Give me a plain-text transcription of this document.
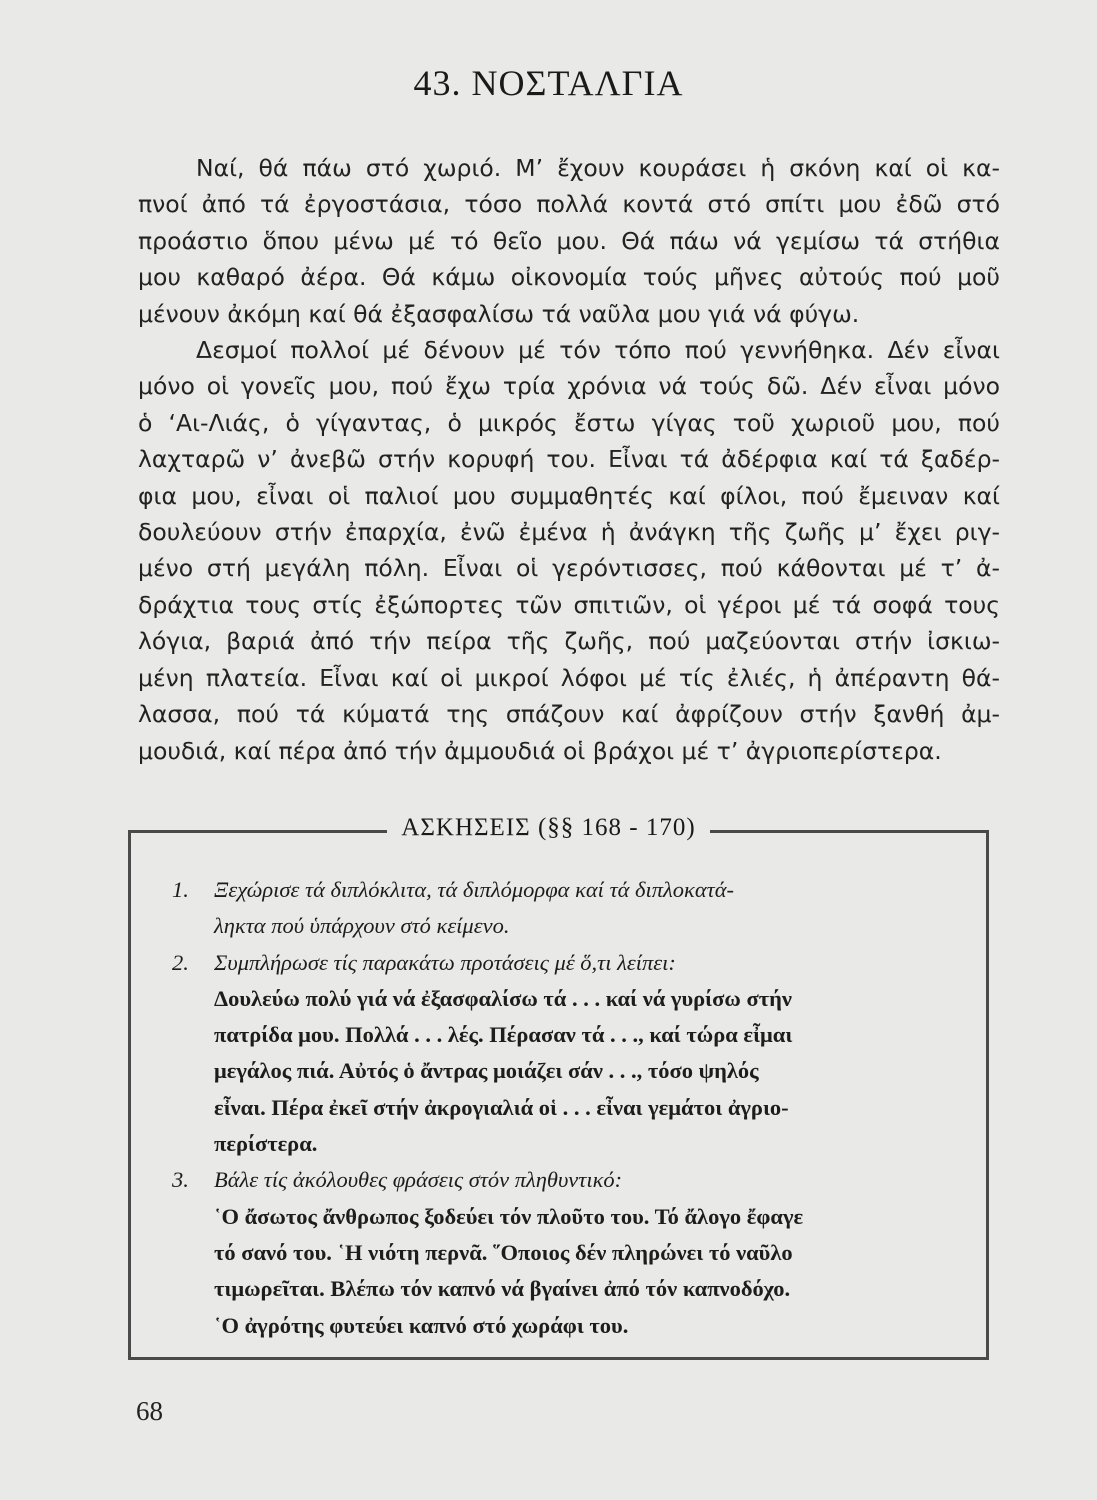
43. ΝΟΣΤΑΛΓΙΑ
Ναί, θά πάω στό χωριό. Μ’ ἔχουν κουράσει ἡ σκόνη καί οἱ κα-
πνοί ἀπό τά ἐργοστάσια, τόσο πολλά κοντά στό σπίτι μου ἐδῶ στό
προάστιο ὅπου μένω μέ τό θεῖο μου. Θά πάω νά γεμίσω τά στήθια
μου καθαρό ἀέρα. Θά κάμω οἰκονομία τούς μῆνες αὐτούς πού μοῦ
μένουν ἀκόμη καί θά ἐξασφαλίσω τά ναῦλα μου γιά νά φύγω.
Δεσμοί πολλοί μέ δένουν μέ τόν τόπο πού γεννήθηκα. Δέν εἶναι
μόνο οἱ γονεῖς μου, πού ἔχω τρία χρόνια νά τούς δῶ. Δέν εἶναι μόνο
ὁ ‘Αι-Λιάς, ὁ γίγαντας, ὁ μικρός ἔστω γίγας τοῦ χωριοῦ μου, πού
λαχταρῶ ν’ ἀνεβῶ στήν κορυφή του. Εἶναι τά ἀδέρφια καί τά ξαδέρ-
φια μου, εἶναι οἱ παλιοί μου συμμαθητές καί φίλοι, πού ἔμειναν καί
δουλεύουν στήν ἐπαρχία, ἐνῶ ἐμένα ἡ ἀνάγκη τῆς ζωῆς μ’ ἔχει ριγ-
μένο στή μεγάλη πόλη. Εἶναι οἱ γερόντισσες, πού κάθονται μέ τ’ ἀ-
δράχτια τους στίς ἐξώπορτες τῶν σπιτιῶν, οἱ γέροι μέ τά σοφά τους
λόγια, βαριά ἀπό τήν πείρα τῆς ζωῆς, πού μαζεύονται στήν ἰσκιω-
μένη πλατεία. Εἶναι καί οἱ μικροί λόφοι μέ τίς ἐλιές, ἡ ἀπέραντη θά-
λασσα, πού τά κύματά της σπάζουν καί ἀφρίζουν στήν ξανθή ἀμ-
μουδιά, καί πέρα ἀπό τήν ἀμμουδιά οἱ βράχοι μέ τ’ ἀγριοπερίστερα.
ΑΣΚΗΣΕΙΣ (§§ 168 - 170)
1. Ξεχώρισε τά διπλόκλιτα, τά διπλόμορφα καί τά διπλοκατά-
ληκτα πού ὑπάρχουν στό κείμενο.
2. Συμπλήρωσε τίς παρακάτω προτάσεις μέ ὅ,τι λείπει:
Δουλεύω πολύ γιά νά ἐξασφαλίσω τά . . . καί νά γυρίσω στήν
πατρίδα μου. Πολλά . . . λές. Πέρασαν τά . . ., καί τώρα εἶμαι
μεγάλος πιά. Αὐτός ὁ ἄντρας μοιάζει σάν . . ., τόσο ψηλός
εἶναι. Πέρα ἐκεῖ στήν ἀκρογιαλιά οἱ . . . εἶναι γεμάτοι ἀγριο-
περίστερα.
3. Βάλε τίς ἀκόλουθες φράσεις στόν πληθυντικό:
῾Ο ἄσωτος ἄνθρωπος ξοδεύει τόν πλοῦτο του. Τό ἄλογο ἔφαγε
τό σανό του. ῾Η νιότη περνᾶ. ῞Οποιος δέν πληρώνει τό ναῦλο
τιμωρεῖται. Βλέπω τόν καπνό νά βγαίνει ἀπό τόν καπνοδόχο.
῾Ο ἀγρότης φυτεύει καπνό στό χωράφι του.
68
